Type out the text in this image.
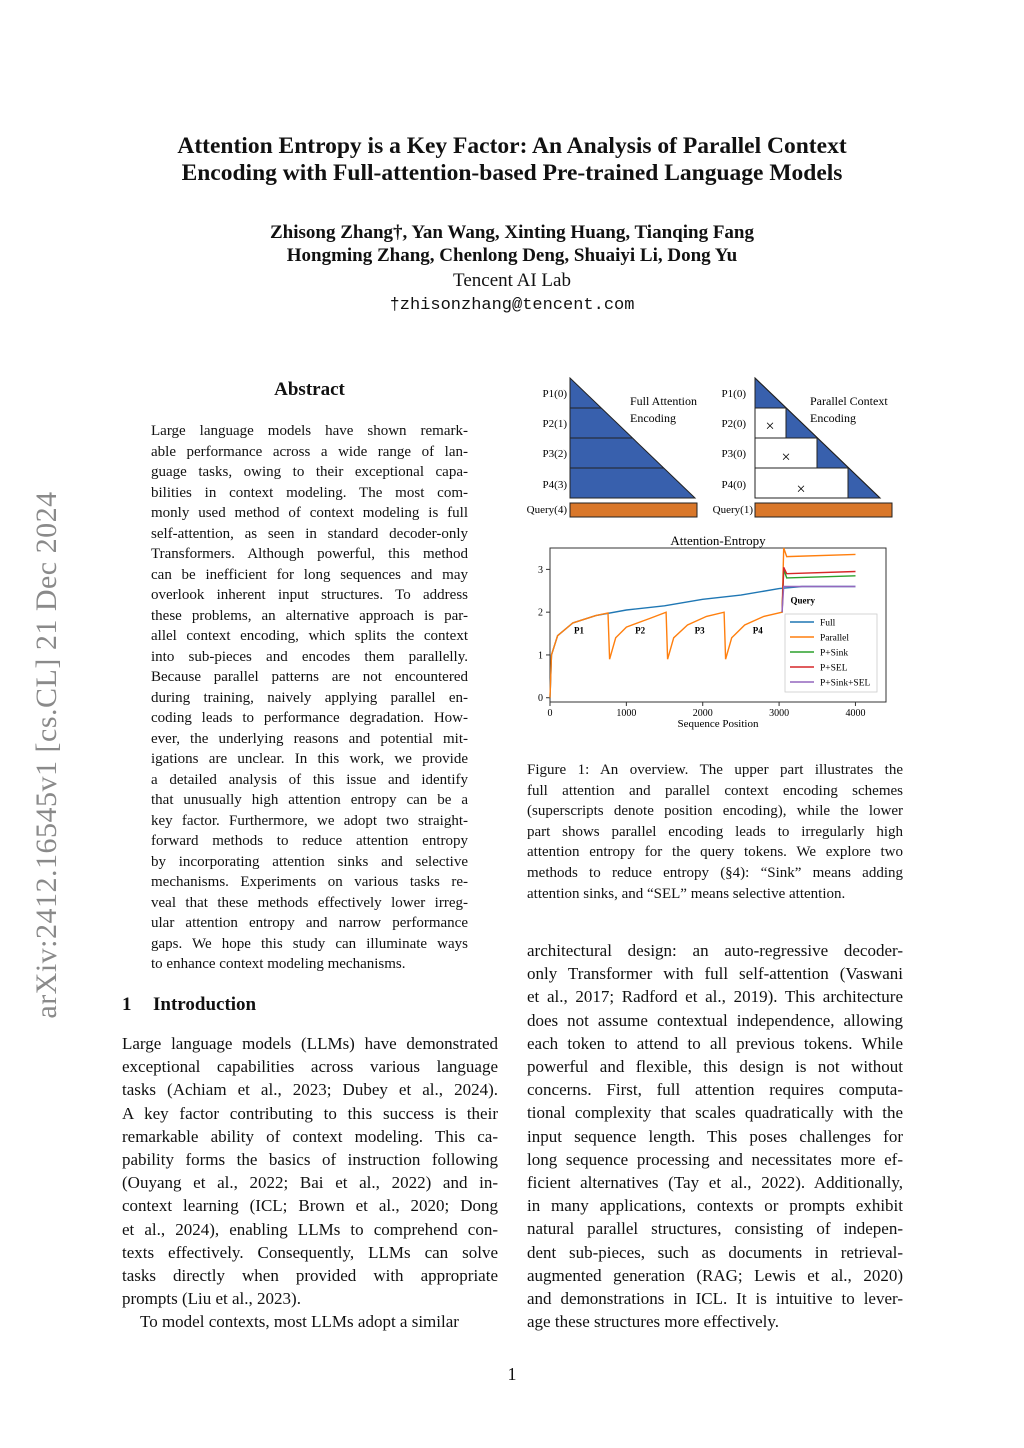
arXiv:2412.16545v1 [cs.CL] 21 Dec 2024
Attention Entropy is a Key Factor: An Analysis of Parallel Context
Encoding with Full-attention-based Pre-trained Language Models
Zhisong Zhang†, Yan Wang, Xinting Huang, Tianqing Fang
Hongming Zhang, Chenlong Deng, Shuaiyi Li, Dong Yu
Tencent AI Lab
†zhisonzhang@tencent.com
Abstract
Large language models have shown remark-
able performance across a wide range of lan-
guage tasks, owing to their exceptional capa-
bilities in context modeling. The most com-
monly used method of context modeling is full
self-attention, as seen in standard decoder-only
Transformers. Although powerful, this method
can be inefficient for long sequences and may
overlook inherent input structures. To address
these problems, an alternative approach is par-
allel context encoding, which splits the context
into sub-pieces and encodes them parallelly.
Because parallel patterns are not encountered
during training, naively applying parallel en-
coding leads to performance degradation. How-
ever, the underlying reasons and potential mit-
igations are unclear. In this work, we provide
a detailed analysis of this issue and identify
that unusually high attention entropy can be a
key factor. Furthermore, we adopt two straight-
forward methods to reduce attention entropy
by incorporating attention sinks and selective
mechanisms. Experiments on various tasks re-
veal that these methods effectively lower irreg-
ular attention entropy and narrow performance
gaps. We hope this study can illuminate ways
to enhance context modeling mechanisms.
1 Introduction
Large language models (LLMs) have demonstrated
exceptional capabilities across various language
tasks (Achiam et al., 2023; Dubey et al., 2024).
A key factor contributing to this success is their
remarkable ability of context modeling. This ca-
pability forms the basics of instruction following
(Ouyang et al., 2022; Bai et al., 2022) and in-
context learning (ICL; Brown et al., 2020; Dong
et al., 2024), enabling LLMs to comprehend con-
texts effectively. Consequently, LLMs can solve
tasks directly when provided with appropriate
prompts (Liu et al., 2023).
To model contexts, most LLMs adopt a similar
architectural design: an auto-regressive decoder-
only Transformer with full self-attention (Vaswani
et al., 2017; Radford et al., 2019). This architecture
does not assume contextual independence, allowing
each token to attend to all previous tokens. While
powerful and flexible, this design is not without
concerns. First, full attention requires computa-
tional complexity that scales quadratically with the
input sequence length. This poses challenges for
long sequence processing and necessitates more ef-
ficient alternatives (Tay et al., 2022). Additionally,
in many applications, contexts or prompts exhibit
natural parallel structures, consisting of indepen-
dent sub-pieces, such as documents in retrieval-
augmented generation (RAG; Lewis et al., 2020)
and demonstrations in ICL. It is intuitive to lever-
age these structures more effectively.
Full Attention
Encoding
P1(0)
P2(1)
P3(2)
P4(3)
Query(4)
×
×
×
Parallel Context
Encoding
P1(0)
P2(0)
P3(0)
P4(0)
Query(1)
Attention-Entropy
0	1000	2000	3000	4000
0
1
2
3
P1	P2	P3	P4
Query
Full
Parallel
P+Sink
P+SEL
P+Sink+SEL
Sequence Position
Figure 1: An overview. The upper part illustrates the
full attention and parallel context encoding schemes
(superscripts denote position encoding), while the lower
part shows parallel encoding leads to irregularly high
attention entropy for the query tokens. We explore two
methods to reduce entropy (§4): “Sink” means adding
attention sinks, and “SEL” means selective attention.
1
